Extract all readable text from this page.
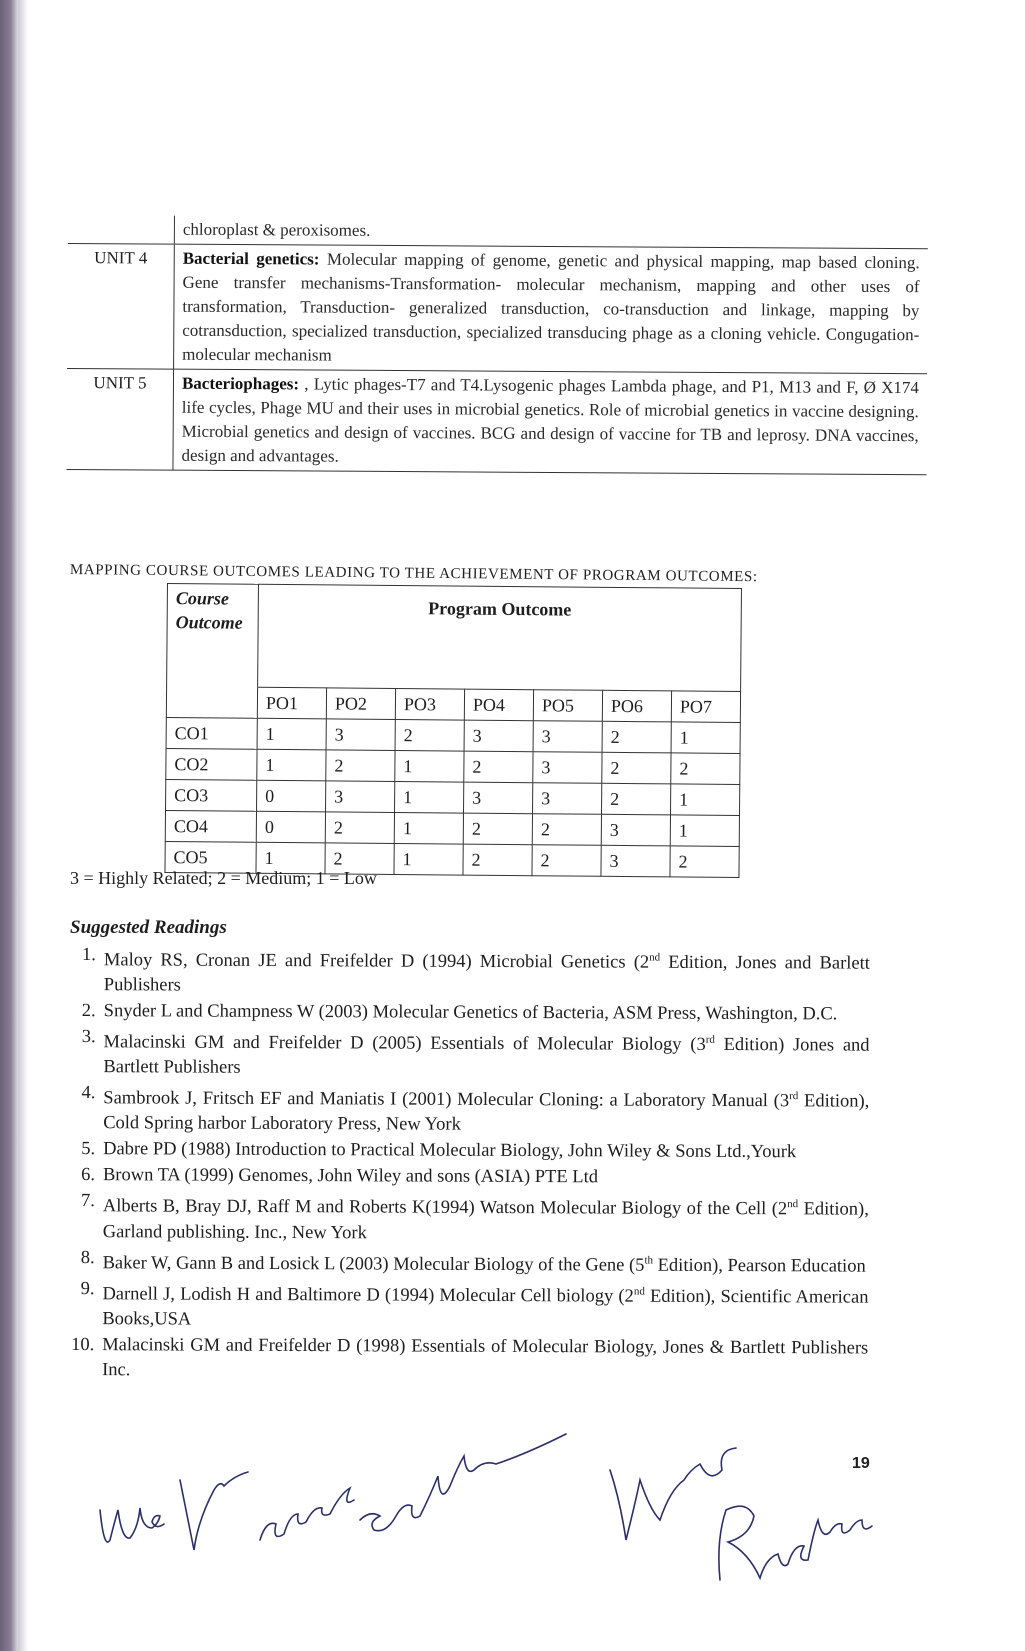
	chloroplast & peroxisomes.
UNIT 4	Bacterial genetics: Molecular mapping of genome, genetic and physical mapping, map based cloning. Gene transfer mechanisms-Transformation- molecular mechanism, mapping and other uses of transformation, Transduction- generalized transduction, co-transduction and linkage, mapping by cotransduction, specialized transduction, specialized transducing phage as a cloning vehicle. Congugation- molecular mechanism
UNIT 5	Bacteriophages: , Lytic phages-T7 and T4.Lysogenic phages Lambda phage, and P1, M13 and F, Ø X174 life cycles, Phage MU and their uses in microbial genetics. Role of microbial genetics in vaccine designing. Microbial genetics and design of vaccines. BCG and design of vaccine for TB and leprosy. DNA vaccines, design and advantages.
MAPPING COURSE OUTCOMES LEADING TO THE ACHIEVEMENT OF PROGRAM OUTCOMES:
Course
Outcome	Program Outcome						
	PO1	PO2	PO3	PO4	PO5	PO6	PO7
CO1	1	3	2	3	3	2	1
CO2	1	2	1	2	3	2	2
CO3	0	3	1	3	3	2	1
CO4	0	2	1	2	2	3	1
CO5	1	2	1	2	2	3	2
3 = Highly Related; 2 = Medium; 1 = Low
Suggested Readings
1. Maloy RS, Cronan JE and Freifelder D (1994) Microbial Genetics (2nd Edition, Jones and Barlett Publishers
2. Snyder L and Champness W (2003) Molecular Genetics of Bacteria, ASM Press, Washington, D.C.
3. Malacinski GM and Freifelder D (2005) Essentials of Molecular Biology (3rd Edition) Jones and Bartlett Publishers
4. Sambrook J, Fritsch EF and Maniatis I (2001) Molecular Cloning: a Laboratory Manual (3rd Edition), Cold Spring harbor Laboratory Press, New York
5. Dabre PD (1988) Introduction to Practical Molecular Biology, John Wiley & Sons Ltd.,Yourk
6. Brown TA (1999) Genomes, John Wiley and sons (ASIA) PTE Ltd
7. Alberts B, Bray DJ, Raff M and Roberts K(1994) Watson Molecular Biology of the Cell (2nd Edition), Garland publishing. Inc., New York
8. Baker W, Gann B and Losick L (2003) Molecular Biology of the Gene (5th Edition), Pearson Education
9. Darnell J, Lodish H and Baltimore D (1994) Molecular Cell biology (2nd Edition), Scientific American Books,USA
10. Malacinski GM and Freifelder D (1998) Essentials of Molecular Biology, Jones & Bartlett Publishers Inc.
19
